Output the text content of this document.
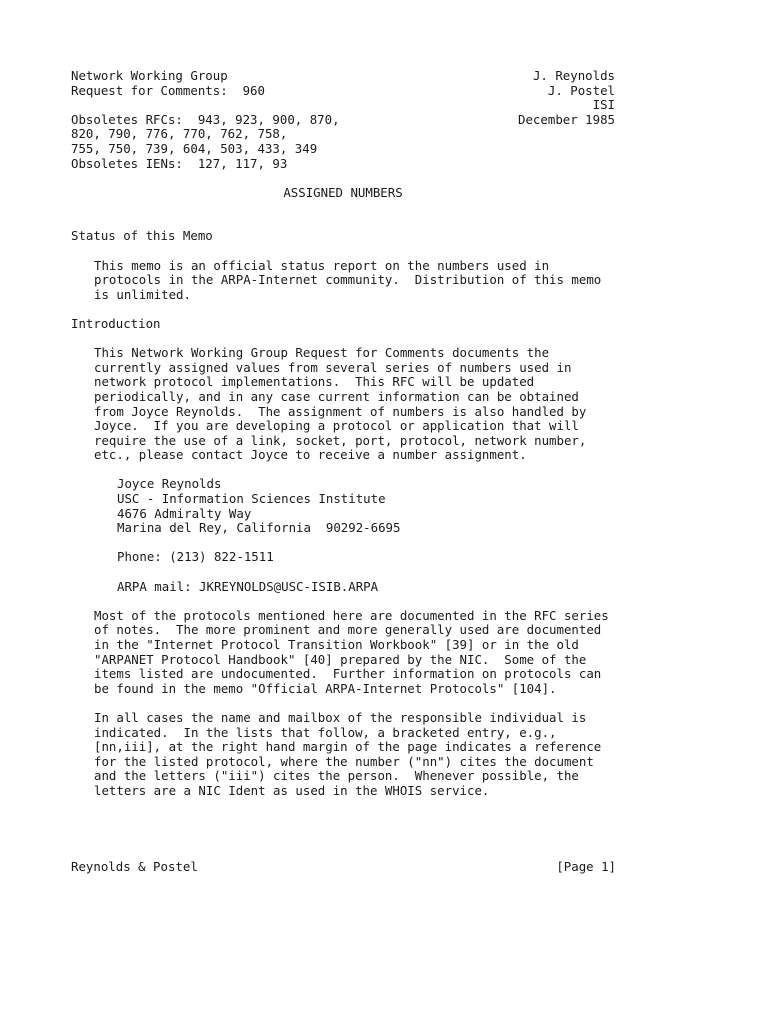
Network Working Group
Request for Comments:  960
Obsoletes RFCs:  943, 923, 900, 870,
820, 790, 776, 770, 762, 758,
755, 750, 739, 604, 503, 433, 349
Obsoletes IENs:  127, 117, 93
J. Reynolds
J. Postel
ISI
December 1985
ASSIGNED NUMBERS
Status of this Memo
This memo is an official status report on the numbers used in
protocols in the ARPA-Internet community.  Distribution of this memo
is unlimited.
Introduction
This Network Working Group Request for Comments documents the
currently assigned values from several series of numbers used in
network protocol implementations.  This RFC will be updated
periodically, and in any case current information can be obtained
from Joyce Reynolds.  The assignment of numbers is also handled by
Joyce.  If you are developing a protocol or application that will
require the use of a link, socket, port, protocol, network number,
etc., please contact Joyce to receive a number assignment.
Joyce Reynolds
USC - Information Sciences Institute
4676 Admiralty Way
Marina del Rey, California  90292-6695
Phone: (213) 822-1511
ARPA mail: JKREYNOLDS@USC-ISIB.ARPA
Most of the protocols mentioned here are documented in the RFC series
of notes.  The more prominent and more generally used are documented
in the "Internet Protocol Transition Workbook" [39] or in the old
"ARPANET Protocol Handbook" [40] prepared by the NIC.  Some of the
items listed are undocumented.  Further information on protocols can
be found in the memo "Official ARPA-Internet Protocols" [104].
In all cases the name and mailbox of the responsible individual is
indicated.  In the lists that follow, a bracketed entry, e.g.,
[nn,iii], at the right hand margin of the page indicates a reference
for the listed protocol, where the number ("nn") cites the document
and the letters ("iii") cites the person.  Whenever possible, the
letters are a NIC Ident as used in the WHOIS service.
Reynolds & Postel	[Page 1]
